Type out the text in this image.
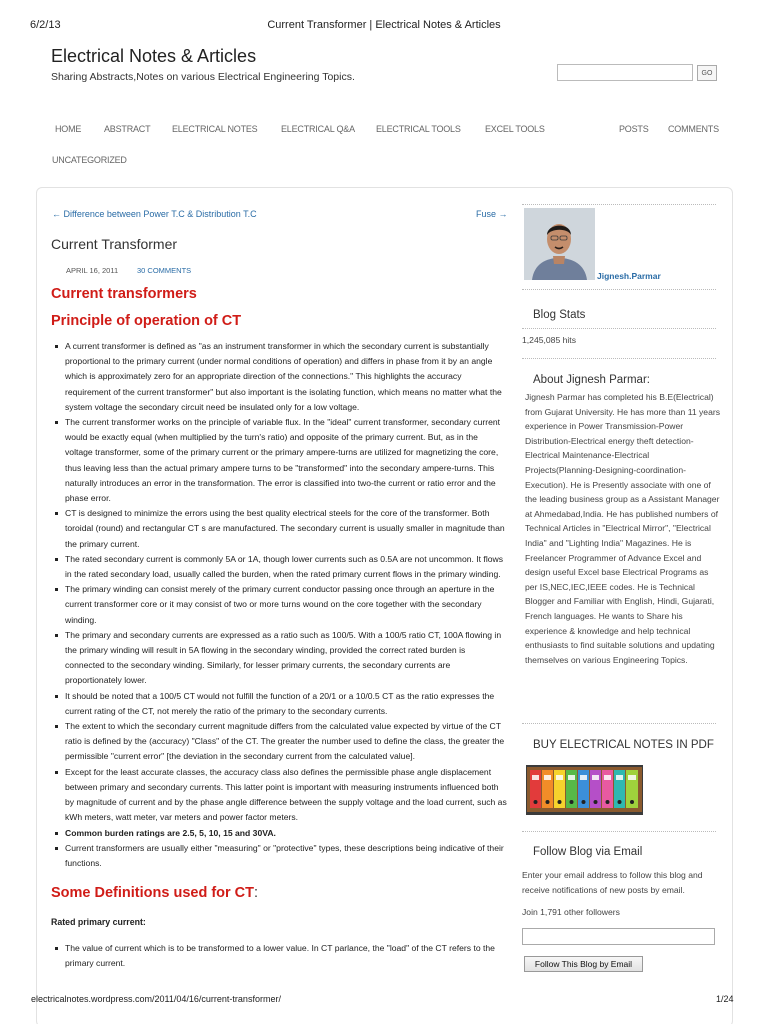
6/2/13	Current Transformer | Electrical Notes & Articles
Electrical Notes & Articles
Sharing Abstracts,Notes on various Electrical Engineering Topics.	GO
HOME	ABSTRACT ELECTRICAL NOTES	ELECTRICAL Q&A ELECTRICAL TOOLS	EXCEL TOOLS	POSTS COMMENTS
UNCATEGORIZED
← Difference between Power T.C & Distribution T.C	Fuse →
Current Transformer
APRIL 16, 2011	30 COMMENTS
Current transformers
Principle of operation of CT
A current transformer is defined as "as an instrument transformer in which the secondary current is substantially proportional to the primary current (under normal conditions of operation) and differs in phase from it by an angle which is approximately zero for an appropriate direction of the connections." This highlights the accuracy requirement of the current transformer" but also important is the isolating function, which means no matter what the system voltage the secondary circuit need be insulated only for a low voltage.
The current transformer works on the principle of variable flux. In the "ideal" current transformer, secondary current would be exactly equal (when multiplied by the turn's ratio) and opposite of the primary current. But, as in the voltage transformer, some of the primary current or the primary ampere-turns are utilized for magnetizing the core, thus leaving less than the actual primary ampere turns to be "transformed" into the secondary ampere-turns. This naturally introduces an error in the transformation. The error is classified into two-the current or ratio error and the phase error.
CT is designed to minimize the errors using the best quality electrical steels for the core of the transformer. Both toroidal (round) and rectangular CT s are manufactured. The secondary current is usually smaller in magnitude than the primary current.
The rated secondary current is commonly 5A or 1A, though lower currents such as 0.5A are not uncommon. It flows in the rated secondary load, usually called the burden, when the rated primary current flows in the primary winding.
The primary winding can consist merely of the primary current conductor passing once through an aperture in the current transformer core or it may consist of two or more turns wound on the core together with the secondary winding.
The primary and secondary currents are expressed as a ratio such as 100/5. With a 100/5 ratio CT, 100A flowing in the primary winding will result in 5A flowing in the secondary winding, provided the correct rated burden is connected to the secondary winding. Similarly, for lesser primary currents, the secondary currents are proportionately lower.
It should be noted that a 100/5 CT would not fulfill the function of a 20/1 or a 10/0.5 CT as the ratio expresses the current rating of the CT, not merely the ratio of the primary to the secondary currents.
The extent to which the secondary current magnitude differs from the calculated value expected by virtue of the CT ratio is defined by the (accuracy) "Class" of the CT. The greater the number used to define the class, the greater the permissible "current error" [the deviation in the secondary current from the calculated value].
Except for the least accurate classes, the accuracy class also defines the permissible phase angle displacement between primary and secondary currents. This latter point is important with measuring instruments influenced both by magnitude of current and by the phase angle difference between the supply voltage and the load current, such as kWh meters, watt meter, var meters and power factor meters.
Common burden ratings are 2.5, 5, 10, 15 and 30VA.
Current transformers are usually either "measuring" or "protective" types, these descriptions being indicative of their functions.
Some Definitions used for CT:
Rated primary current:
The value of current which is to be transformed to a lower value. In CT parlance, the "load" of the CT refers to the primary current.
Jignesh.Parmar
Blog Stats
1,245,085 hits
About Jignesh Parmar:
Jignesh Parmar has completed his B.E(Electrical) from Gujarat University. He has more than 11 years experience in Power Transmission-Power Distribution-Electrical energy theft detection-Electrical Maintenance-Electrical Projects(Planning-Designing-coordination-Execution). He is Presently associate with one of the leading business group as a Assistant Manager at Ahmedabad,India. He has published numbers of Technical Articles in "Electrical Mirror", "Electrical India" and "Lighting India" Magazines. He is Freelancer Programmer of Advance Excel and design useful Excel base Electrical Programs as per IS,NEC,IEC,IEEE codes. He is Technical Blogger and Familiar with English, Hindi, Gujarati, French languages. He wants to Share his experience & knowledge and help technical enthusiasts to find suitable solutions and updating themselves on various Engineering Topics.
BUY ELECTRICAL NOTES IN PDF
Follow Blog via Email
Enter your email address to follow this blog and receive notifications of new posts by email.
Join 1,791 other followers
Follow This Blog by Email
electricalnotes.wordpress.com/2011/04/16/current-transformer/	1/24
